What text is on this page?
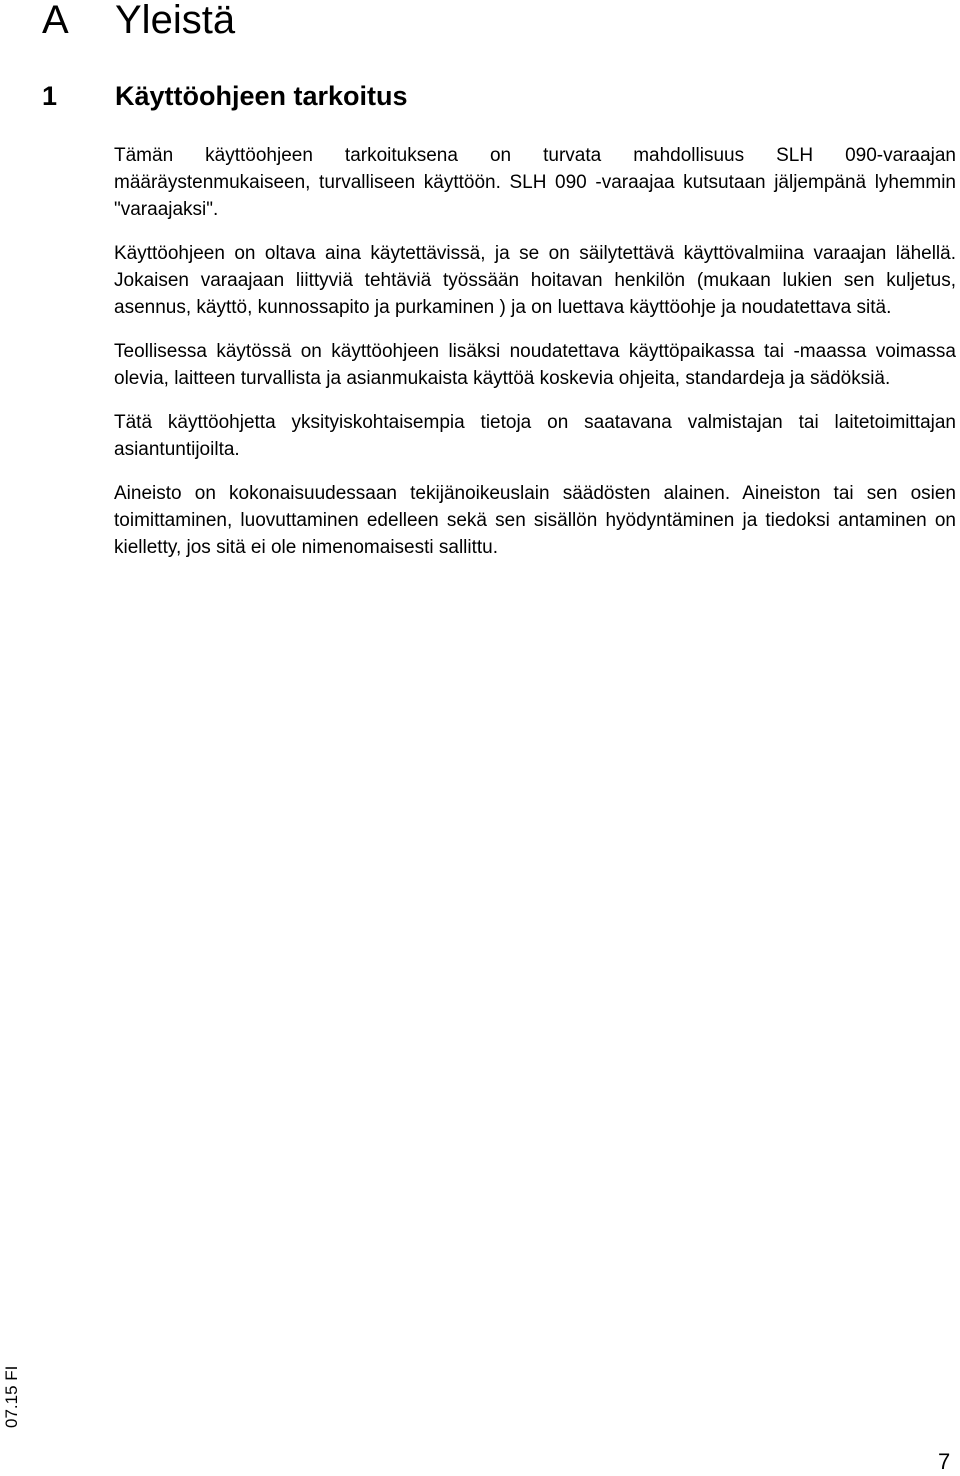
A Yleistä
1 Käyttöohjeen tarkoitus

Tämän käyttöohjeen tarkoituksena on turvata mahdollisuus SLH 090-varaajan määräystenmukaiseen, turvalliseen käyttöön. SLH 090 -varaajaa kutsutaan jäljempänä lyhemmin "varaajaksi".

Käyttöohjeen on oltava aina käytettävissä, ja se on säilytettävä käyttövalmiina varaajan lähellä. Jokaisen varaajaan liittyviä tehtäviä työssään hoitavan henkilön (mukaan lukien sen kuljetus, asennus, käyttö, kunnossapito ja purkaminen ) ja on luettava käyttöohje ja noudatettava sitä.

Teollisessa käytössä on käyttöohjeen lisäksi noudatettava käyttöpaikassa tai -maassa voimassa olevia, laitteen turvallista ja asianmukaista käyttöä koskevia ohjeita, standardeja ja sädöksiä.

Tätä käyttöohjetta yksityiskohtaisempia tietoja on saatavana valmistajan tai laitetoimittajan asiantuntijoilta.

Aineisto on kokonaisuudessaan tekijänoikeuslain säädösten alainen. Aineiston tai sen osien toimittaminen, luovuttaminen edelleen sekä sen sisällön hyödyntäminen ja tiedoksi antaminen on kielletty, jos sitä ei ole nimenomaisesti sallittu.

07.15 FI
7
